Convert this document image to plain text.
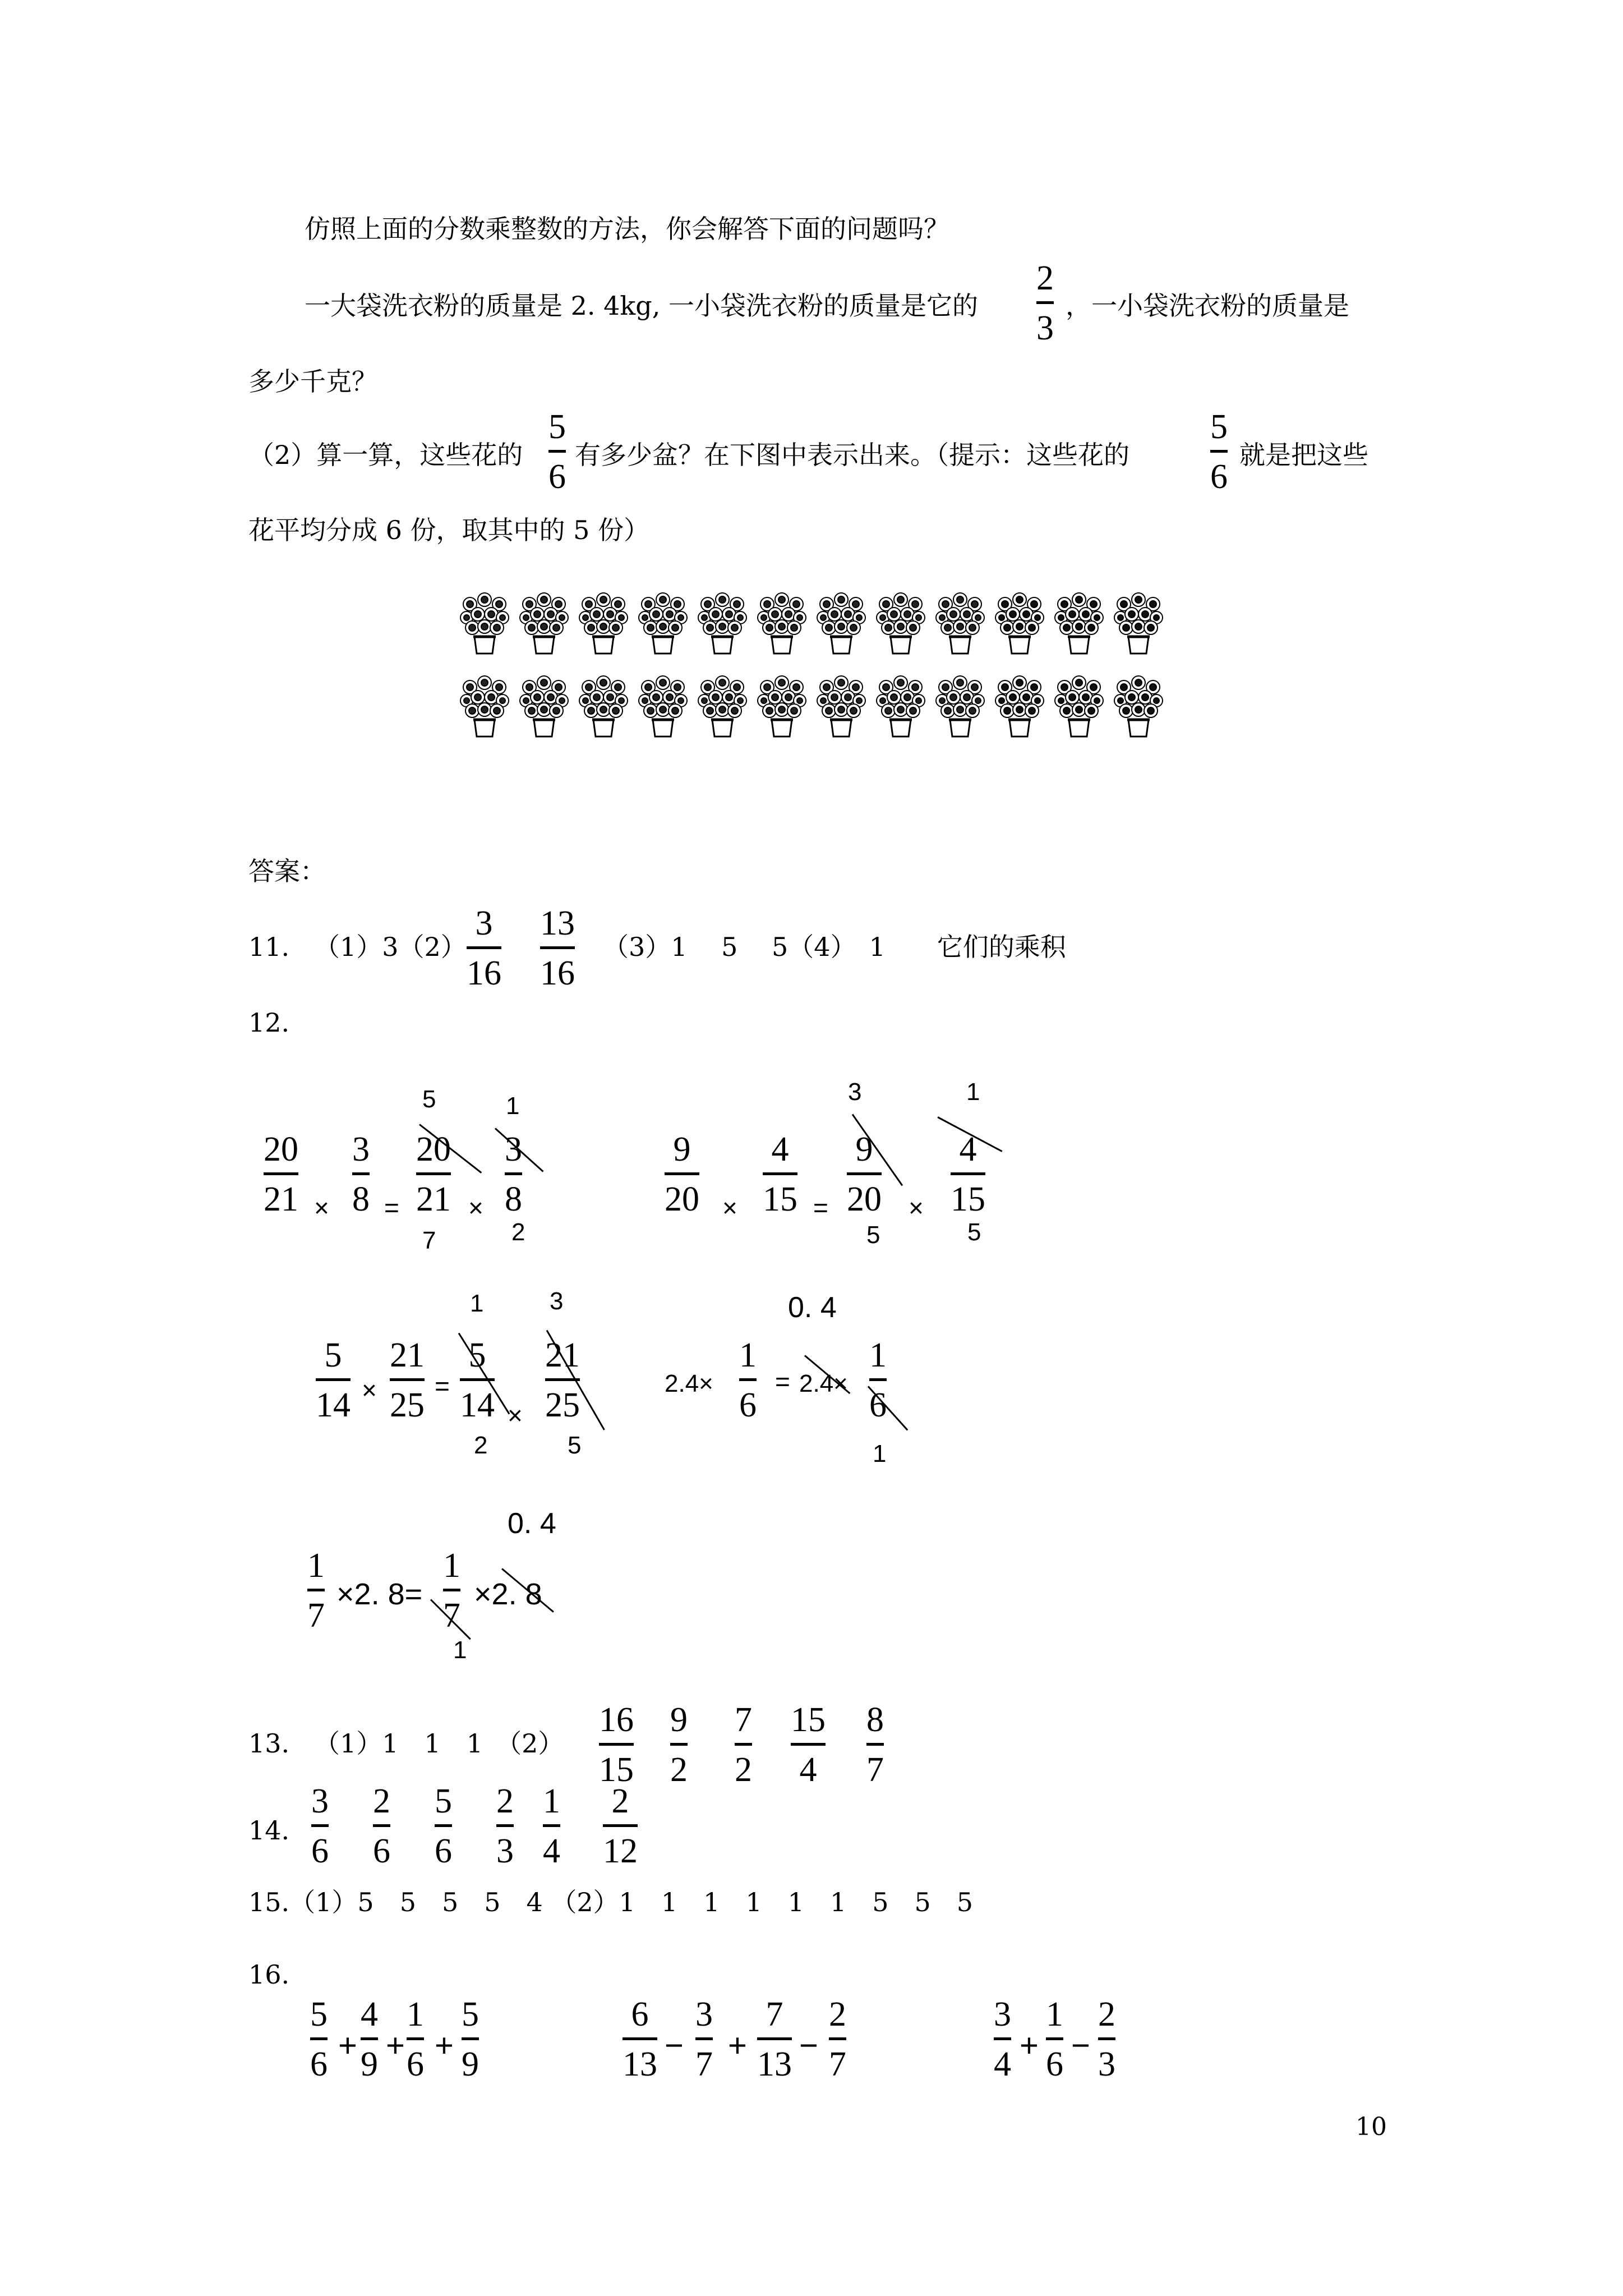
仿照上面的分数乘整数的方法，你会解答下面的问题吗？
一大袋洗衣粉的质量是 2. 4kg, 一小袋洗衣粉的质量是它的
2
3
，一小袋洗衣粉的质量是
多少千克？
（2）算一算，这些花的
5
6
有多少盆？在下图中表示出来。（提示：这些花的
5
6
就是把这些
花平均分成 6 份，取其中的 5 份）
答案：
11. （1）3（2）
3
16
13
16
（3）1　 5　 5（4）　1　　它们的乘积
12.
20
21 ×
3
8 =
5
20
21
7
×
1
3
8
2
9
20 ×
4
15 =
3
9
20
5
×
1
4
15
5
5
14 ×
21
25 =
1
5
14
2
×
3
21
25
5
2.4×
1
6
=
0. 4
2.4×
1
6
1
1
7
×2. 8=
1
7
1
0. 4
×2. 8
13. （1）1　1　1　（2）
14.
15.（1）5　5　5　5　4 （2）1　1　1　1　1　1　5　5　5
16.
10
16
15
9
2
7
2
15
4
8
7
3
6
2
6
5
6
2
3
1
4
2
12
5
6
4
9
1
6
5
9
+ + +
6
13
3
7
7
13
2
7
− + −
3
4
1
6
2
3
+ −
